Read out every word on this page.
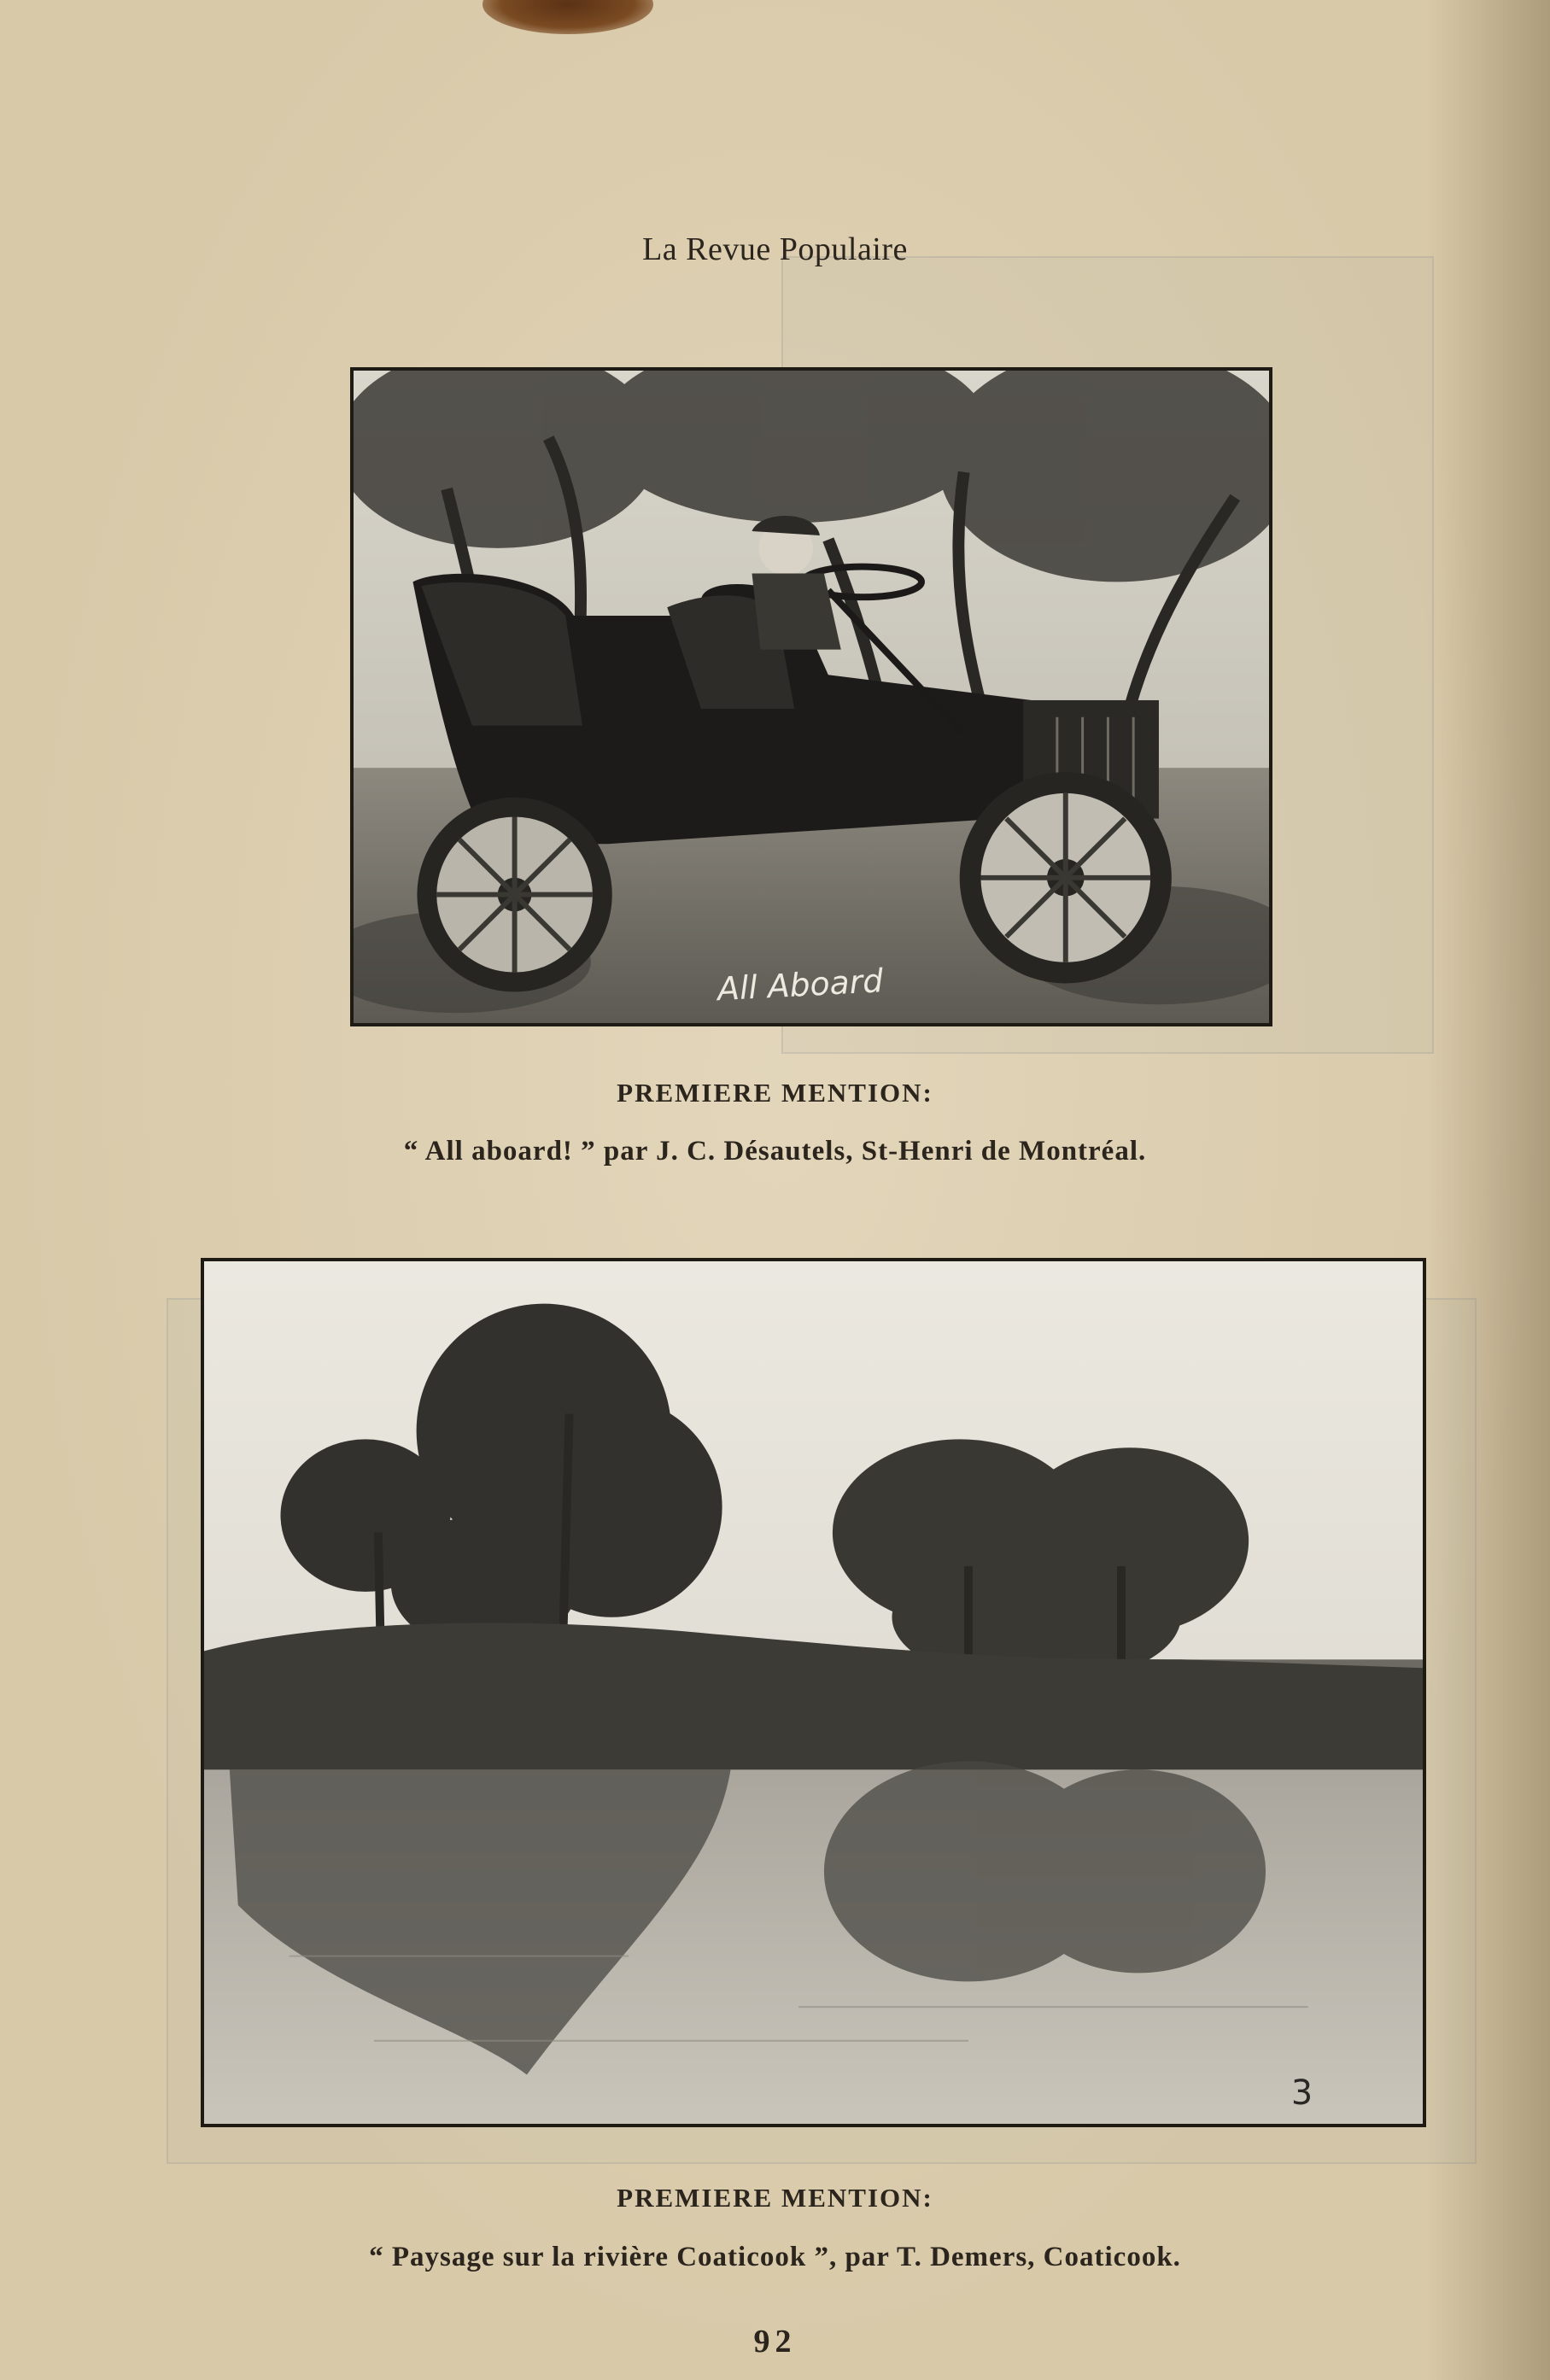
La Revue Populaire
All Aboard
PREMIERE MENTION:
“ All aboard! ” par J. C. Désautels, St-Henri de Montréal.
3
PREMIERE MENTION:
“ Paysage sur la rivière Coaticook ”, par T. Demers, Coaticook.
92
